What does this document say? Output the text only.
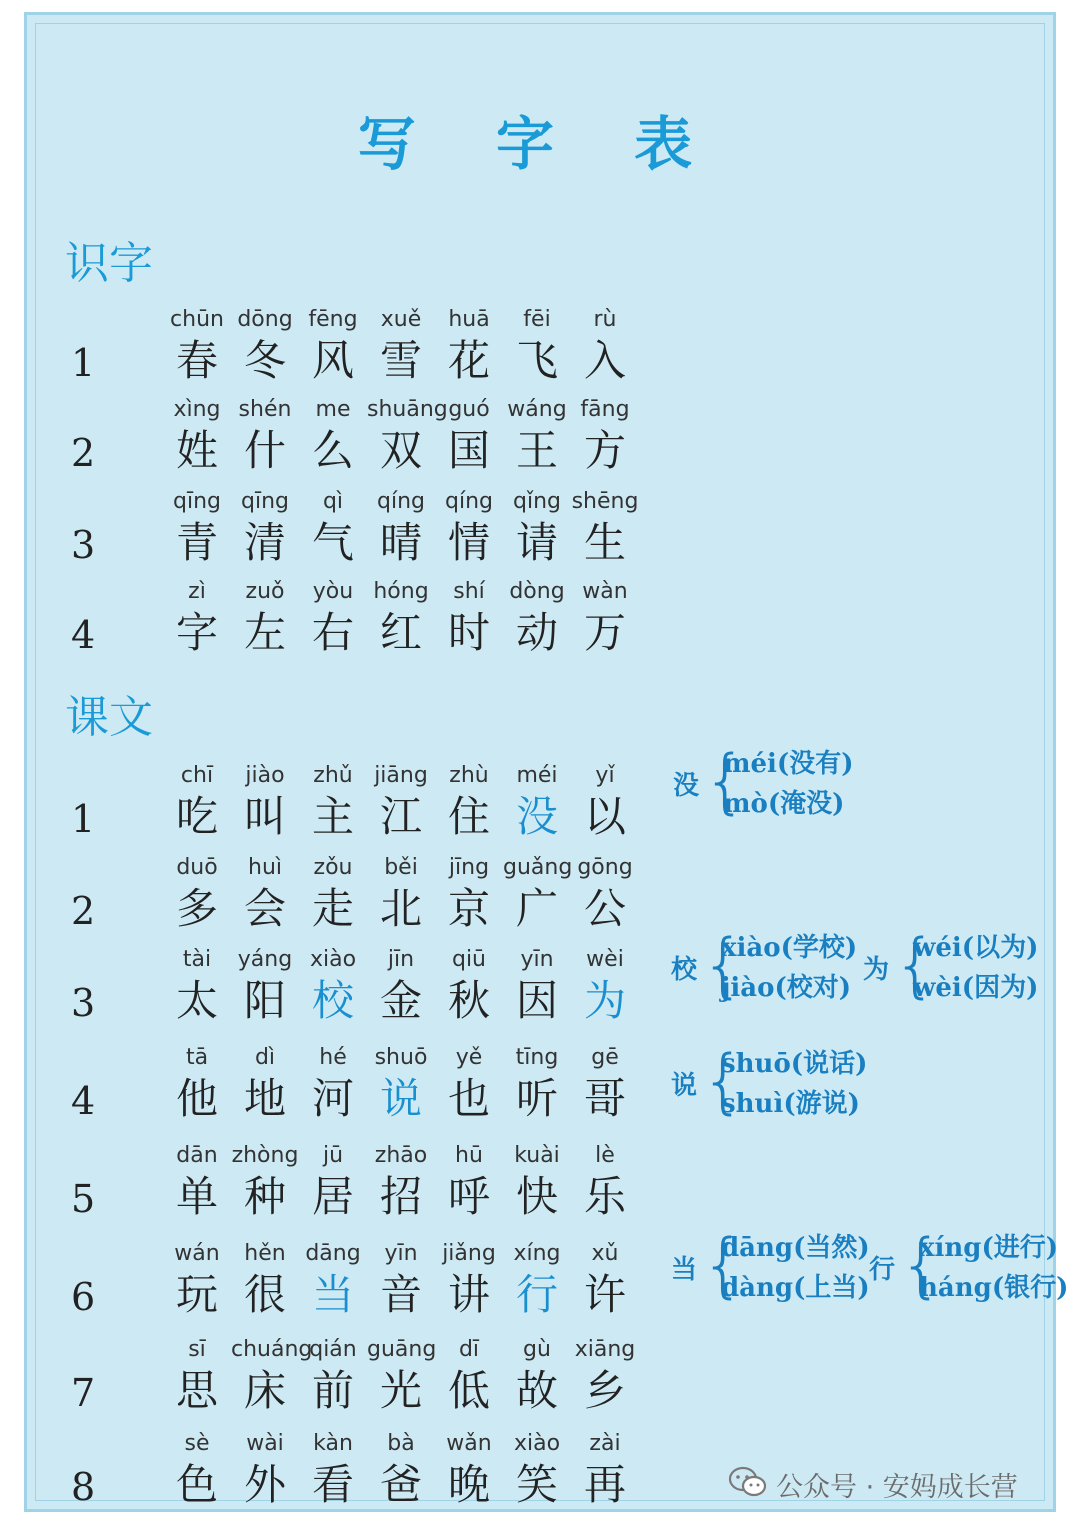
写 字 表
识字
1
chūn
春
dōng
冬
fēng
风
xuě
雪
huā
花
fēi
飞
rù
入
2
xìng
姓
shén
什
me
么
shuāng
双
guó
国
wáng
王
fāng
方
3
qīng
青
qīng
清
qì
气
qíng
晴
qíng
情
qǐng
请
shēng
生
4
zì
字
zuǒ
左
yòu
右
hóng
红
shí
时
dòng
动
wàn
万
课文
1
chī
吃
jiào
叫
zhǔ
主
jiāng
江
zhù
住
méi
没
yǐ
以
2
duō
多
huì
会
zǒu
走
běi
北
jīng
京
guǎng
广
gōng
公
3
tài
太
yáng
阳
xiào
校
jīn
金
qiū
秋
yīn
因
wèi
为
4
tā
他
dì
地
hé
河
shuō
说
yě
也
tīng
听
gē
哥
5
dān
单
zhòng
种
jū
居
zhāo
招
hū
呼
kuài
快
lè
乐
6
wán
玩
hěn
很
dāng
当
yīn
音
jiǎng
讲
xíng
行
xǔ
许
7
sī
思
chuáng
床
qián
前
guāng
光
dī
低
gù
故
xiāng
乡
8
sè
色
wài
外
kàn
看
bà
爸
wǎn
晚
xiào
笑
zài
再
没 {
méi(没有)
mò(淹没)
校 {
xiào(学校)
jiào(校对)
为 {
wéi(以为)
wèi(因为)
说 {
shuō(说话)
shuì(游说)
当 {
dāng(当然)
dàng(上当)
行 {
xíng(进行)
háng(银行)
公众号 · 安妈成长营
